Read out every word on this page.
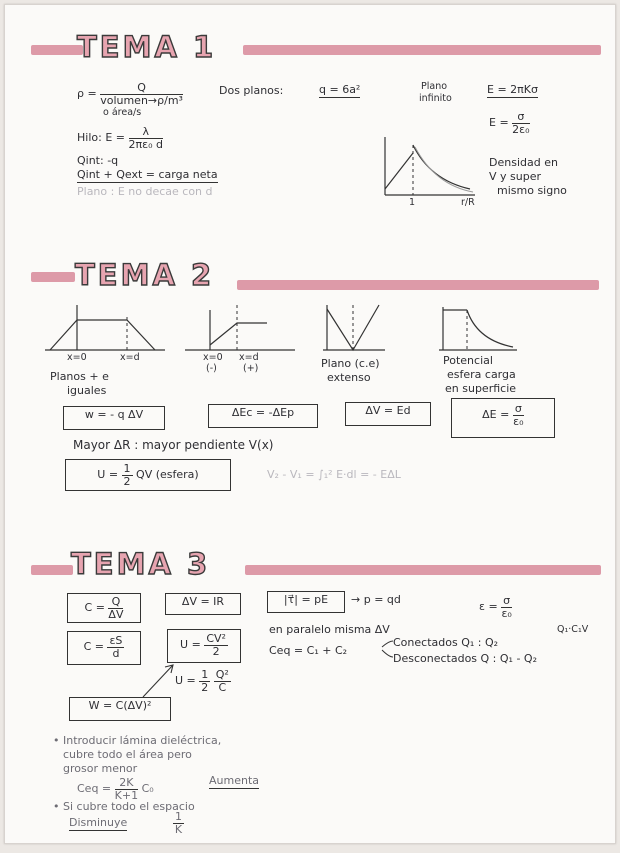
TEMA 1
$\rho = \frac{Q}{\text{volumen→ρ/m³}}$
o área/s
Hilo: $E = \frac{\lambda}{\text{2πε₀ d}}$
Qint: -q
Qint + Qext = carga neta
Plano : E no decae con d
Dos planos:	q = 6a²	Plano
infinito
E = 2πKσ
$E = \frac{\sigma}{\text{2ε₀}}$
1	r/R
Densidad en
V y super
mismo signo
TEMA 2
x=0	x=d	x=0
(-)
x=d
(+)
Planos + e
iguales
Plano (c.e)
extenso
Potencial
esfera carga
en superficie
w = - q ΔV	ΔEc = -ΔEp	ΔV = Ed	$\Delta E = \frac{\sigma}{\text{ε₀}}$
Mayor ΔR : mayor pendiente V(x)
$U = \frac{1}{2}$ QV (esfera)	V₂ - V₁ = ∫₁² E·dl = - EΔL
TEMA 3
$C = \frac{Q}{\Delta V}$	ΔV = IR	|τ⃗| = pE	→ p = qd
$\varepsilon = \frac{\sigma}{\text{ε₀}}$
$C = \frac{\varepsilon S}{d}$	$U = \frac{\text{CV²}}{2}$
$U = \frac{1}{2}$
$\frac{\text{Q²}}{C}$
en paralelo misma ΔV
Ceq = C₁ + C₂
Conectados Q₁ : Q₂
Q₁·C₁V
Desconectados Q : Q₁ - Q₂
W = C(ΔV)²
• Introducir lámina dieléctrica,
cubre todo el área pero
grosor menor
Ceq = $\frac{2K}{K+1} C_0$
Aumenta
• Si cubre todo el espacio
Disminuye	$\frac{1}{K}$
